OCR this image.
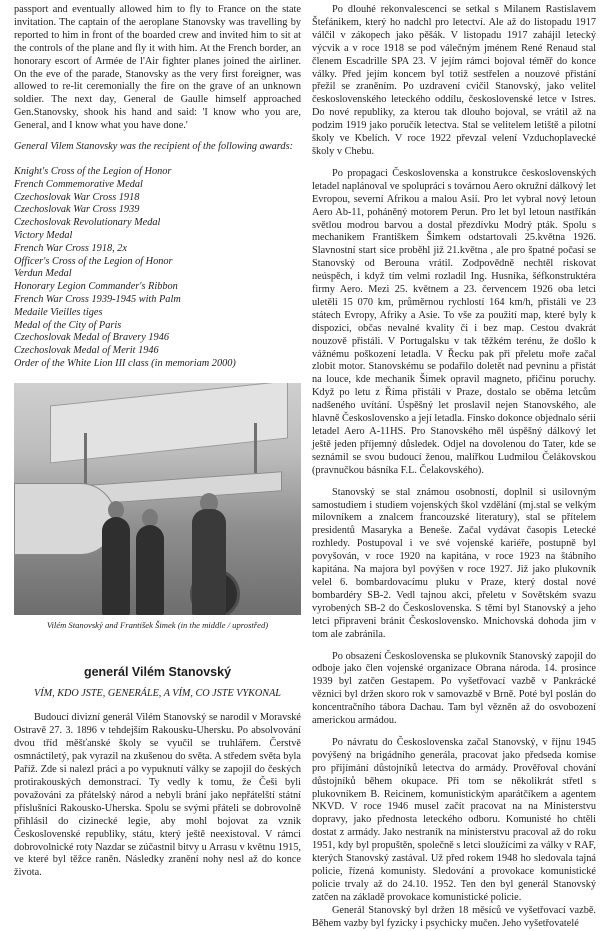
passport and eventually allowed him to fly to France on the state invitation. The captain of the aeroplane Stanovsky was travelling by reported to him in front of the boarded crew and invited him to sit at the controls of the plane and fly it with him. At the French border, an honorary escort of Armée de l'Air fighter planes joined the airliner. On the eve of the parade, Stanovsky as the very first foreigner, was allowed to re-lit ceremonially the fire on the grave of an unknown soldier. The next day, General de Gaulle himself approached Gen.Stanovsky, shook his hand and said: 'I know who you are, General, and I know what you have done.'

General Vilem Stanovsky was the recipient of the following awards:

Knight's Cross of the Legion of Honor

French Commemorative Medal

Czechoslovak War Cross 1918

Czechoslovak War Cross 1939

Czechoslovak Revolutionary Medal

Victory Medal

French War Cross 1918, 2x

Officer's Cross of the Legion of Honor

Verdun Medal

Honorary Legion Commander's Ribbon

French War Cross 1939-1945 with Palm

Medaile Vieilles tiges

Medal of the City of Paris

Czechoslovak Medal of Bravery 1946

Czechoslovak Medal of Merit 1946

Order of the White Lion III class (in memoriam 2000)

Vilém Stanovský and František Šimek (in the middle / uprostřed)

generál Vilém Stanovský

VÍM, KDO JSTE, GENERÁLE, A VÍM, CO JSTE VYKONAL

Budoucí divizní generál Vilém Stanovský se narodil v Moravské Ostravě 27. 3. 1896 v tehdejším Rakousku-Uhersku. Po absolvování dvou tříd měšťanské školy se vyučil se truhlářem. Čerstvě osmnáctiletý, pak vyrazil na zkušenou do světa. A středem světa byla Paříž. Zde si nalezl práci a po vypuknutí války se zapojil do českých protirakouských demonstrací. Ty vedly k tomu, že Češi byli považováni za přátelský národ a nebyli brání jako nepřátelští státní příslušníci Rakousko-Uherska. Spolu se svými přáteli se dobrovolně přihlásil do cizinecké legie, aby mohl bojovat za vznik Československé republiky, státu, který ještě neexistoval. V rámci dobrovolnické roty Nazdar se zúčastnil bitvy u Arrasu v květnu 1915, ve které byl těžce raněn. Následky zranění nohy nesl až do konce života.

Po dlouhé rekonvalescenci se setkal s Milanem Rastislavem Štefánikem, který ho nadchl pro letectví. Ale až do listopadu 1917 válčil v zákopech jako pěšák. V listopadu 1917 zahájil letecký výcvik a v roce 1918 se pod válečným jménem René Renaud stal členem Escadrille SPA 23. V jejím rámci bojoval téměř do konce války. Před jejím koncem byl totiž sestřelen a nouzové přistání přežil se zraněním. Po uzdravení cvičil Stanovský, jako velitel československého leteckého oddílu, československé letce v Istres. Do nové republiky, za kterou tak dlouho bojoval, se vrátil až na podzim 1919 jako poručík letectva. Stal se velitelem letiště a pilotní školy ve Kbelích. V roce 1922 převzal velení Vzduchoplavecké školy v Chebu.

Po propagaci Československa a konstrukce československých letadel naplánoval ve spolupráci s továrnou Aero okružní dálkový let Evropou, severní Afrikou a malou Asií. Pro let vybral nový letoun Aero Ab-11, poháněný motorem Perun. Pro let byl letoun nastříkán světlou modrou barvou a dostal přezdívku Modrý pták. Spolu s mechanikem Františkem Šimkem odstartovali 25.května 1926. Slavnostní start sice proběhl již 21.května , ale pro špatné počasí se Stanovský od Berouna vrátil. Zodpovědně nechtěl riskovat neúspěch, i když tím velmi rozladil Ing. Husníka, šéfkonstruktéra firmy Aero. Mezi 25. květnem a 23. červencem 1926 oba letci uletěli 15 070 km, průměrnou rychlostí 164 km/h, přistáli ve 23 státech Evropy, Afriky a Asie. To vše za použití map, které byly k dispozici, občas nevalné kvality či i bez map. Cestou dvakrát nouzově přistáli. V Portugalsku v tak těžkém terénu, že došlo k vážnému poškození letadla. V Řecku pak při přeletu moře začal zlobit motor. Stanovskému se podařilo doletět nad pevninu a přistát na louce, kde mechanik Šimek opravil magneto, přičinu poruchy. Když po letu z Říma přistáli v Praze, dostalo se oběma letcům nadšeného uvítání. Úspěšný let proslavil nejen Stanovského, ale hlavně Československo a její letadla. Finsko dokonce objednalo sérii letadel Aero A-11HS. Pro Stanovského měl úspěšný dálkový let ještě jeden příjemný důsledek. Odjel na dovolenou do Tater, kde se seznámil se svou budoucí ženou, malířkou Ludmilou Čelákovskou (pravnučkou básníka F.L. Čelakovského).

Stanovský se stal známou osobností, doplnil si usilovným samostudiem i studiem vojenských škol vzdělání (mj.stal se velkým milovníkem a znalcem francouzské literatury), stal se přítelem presidentů Masaryka a Beneše. Začal vydávat časopis Letecké rozhledy. Postupoval i ve své vojenské kariéře, postupně byl povyšován, v roce 1920 na kapitána, v roce 1923 na štábního kapitána. Na majora byl povýšen v roce 1927. Již jako plukovník velel 6. bombardovacímu pluku v Praze, který dostal nové bombardéry SB-2. Vedl tajnou akci, přeletu v Sovětském svazu vyrobených SB-2 do Československa. S těmi byl Stanovský a jeho letci připraveni bránit Československo. Mnichovská dohoda jim v tom ale zabránila.

Po obsazení Československa se plukovník Stanovský zapojil do odboje jako člen vojenské organizace Obrana národa. 14. prosince 1939 byl zatčen Gestapem. Po vyšetřovací vazbě v Pankrácké věznici byl držen skoro rok v samovazbě v Brně. Poté byl poslán do koncentračního tábora Dachau. Tam byl vězněn až do osvobození americkou armádou.

Po návratu do Československa začal Stanovský, v říjnu 1945 povýšený na brigádního generála, pracovat jako předseda komise pro přijímání důstojníků letectva do armády. Prověřoval chování důstojníků během okupace. Při tom se několikrát střetl s plukovníkem B. Reicinem, komunistickým aparátčíkem a agentem NKVD. V roce 1946 musel začít pracovat na na Ministerstvu dopravy, jako přednosta leteckého odboru. Komunisté ho chtěli dostat z armády. Jako nestraník na ministerstvu pracoval až do roku 1951, kdy byl propuštěn, společně s letci sloužícími za války v RAF, kterých Stanovský zastával. Už před rokem 1948 ho sledovala tajná policie, řízená komunisty. Sledování a provokace komunistické policie trvaly až do 24.10. 1952. Ten den byl generál Stanovský zatčen na základě provokace komunistické policie.

Generál Stanovský byl držen 18 měsíců ve vyšetřovací vazbě. Během vazby byl fyzicky i psychicky mučen. Jeho vyšetřovatelé
